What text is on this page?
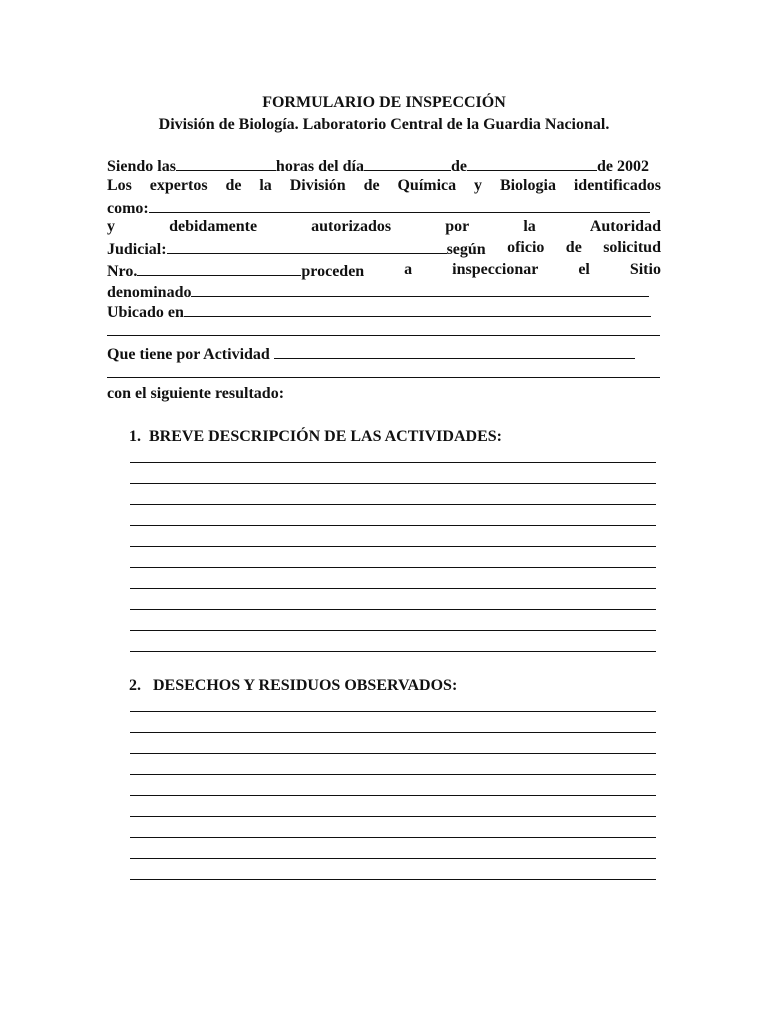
FORMULARIO DE INSPECCIÓN
División de Biología. Laboratorio Central de la Guardia Nacional.
Siendo las	horas del día	de	de 2002
Los expertos de la División de Química y Biologia identificados
como:
y	debidamente	autorizados	por	la	Autoridad
Judicial:	según oficio de solicitud
Nro.	proceden a inspeccionar el Sitio
denominado
Ubicado en
Que tiene por Actividad
con el siguiente resultado:
1. BREVE DESCRIPCIÓN DE LAS ACTIVIDADES:
2. DESECHOS Y RESIDUOS OBSERVADOS:
